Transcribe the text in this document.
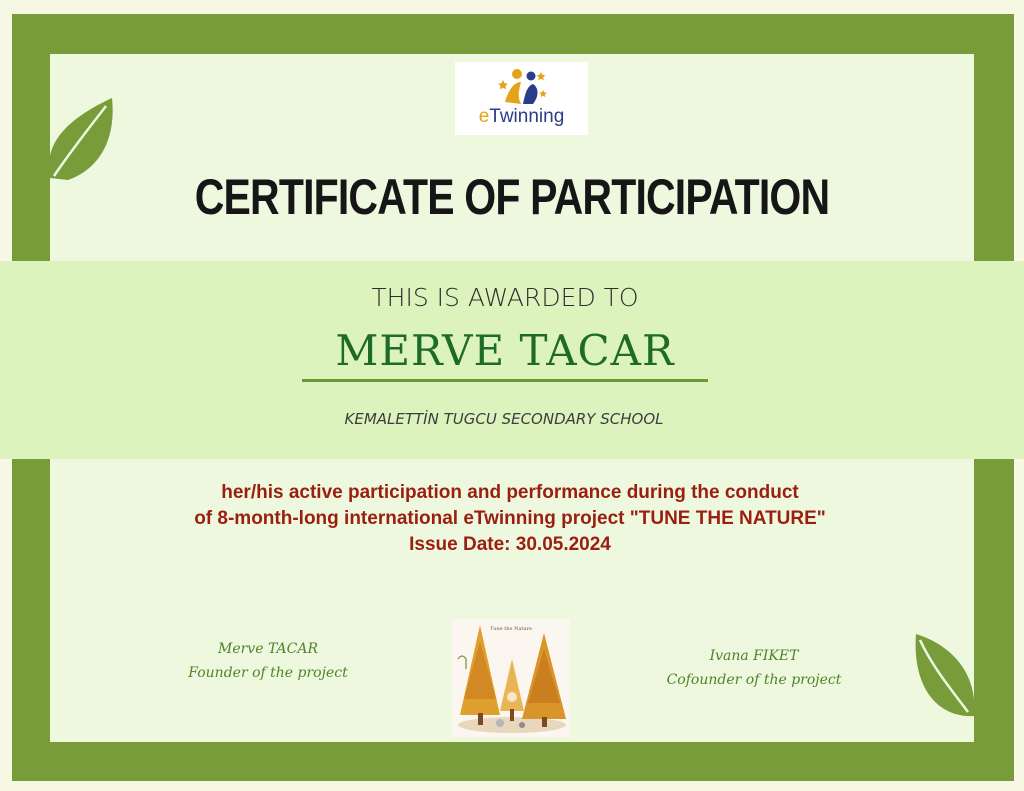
eTwinning
CERTIFICATE OF PARTICIPATION
THIS IS AWARDED TO
MERVE TACAR
KEMALETTİN TUGCU SECONDARY SCHOOL
her/his active participation and performance during the conduct
of 8-month-long international eTwinning project "TUNE THE NATURE"
Issue Date: 30.05.2024
Merve TACAR
Founder of the project
Tune the Nature
Ivana FIKET
Cofounder of the project
